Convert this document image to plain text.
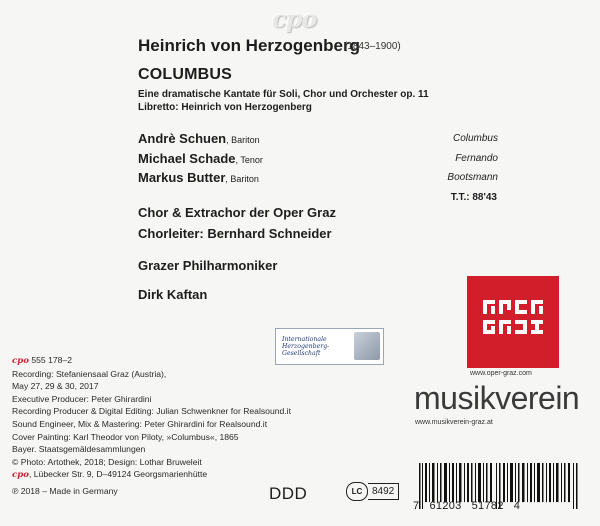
cpo
Heinrich von Herzogenberg
(1843–1900)
COLUMBUS
Eine dramatische Kantate für Soli, Chor und Orchester op. 11
Libretto: Heinrich von Herzogenberg
Andrè Schuen, Bariton	Columbus
Michael Schade, Tenor	Fernando
Markus Butter, Bariton	Bootsmann
T.T.: 88'43
Chor & Extrachor der Oper Graz
Chorleiter: Bernhard Schneider
Grazer Philharmoniker
Dirk Kaftan
Internationale
Herzogenberg-
Gesellschaft
www.oper-graz.com
musikverein
www.musikverein-graz.at
cpo 555 178–2
Recording: Stefaniensaal Graz (Austria),
May 27, 29 & 30, 2017
Executive Producer: Peter Ghirardini
Recording Producer & Digital Editing: Julian Schwenkner for Realsound.it
Sound Engineer, Mix & Mastering: Peter Ghirardini for Realsound.it
Cover Painting: Karl Theodor von Piloty, »Columbus«, 1865
Bayer. Staatsgemäldesammlungen
© Photo: Artothek, 2018; Design: Lothar Bruweleit
cpo, Lübecker Str. 9, D–49124 Georgsmarienhütte
℗ 2018 – Made in Germany	DDD	LC 8492
7   61203   51782   4
